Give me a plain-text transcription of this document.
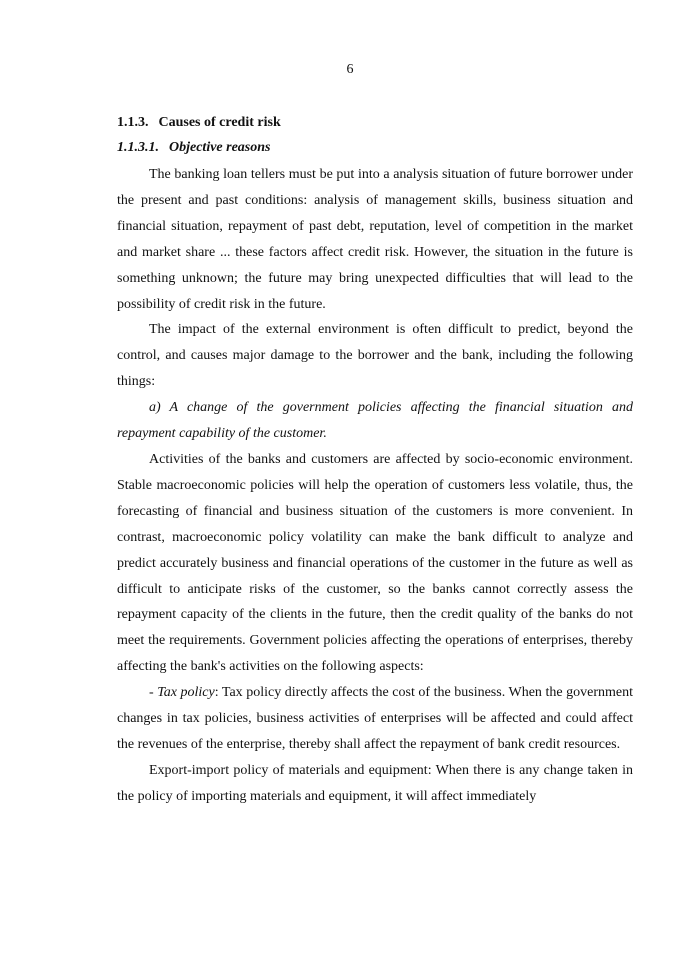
6
1.1.3. Causes of credit risk
1.1.3.1. Objective reasons

The banking loan tellers must be put into a analysis situation of future borrower under the present and past conditions: analysis of management skills, business situation and financial situation, repayment of past debt, reputation, level of competition in the market and market share ... these factors affect credit risk. However, the situation in the future is something unknown; the future may bring unexpected difficulties that will lead to the possibility of credit risk in the future.

The impact of the external environment is often difficult to predict, beyond the control, and causes major damage to the borrower and the bank, including the following things:

a) A change of the government policies affecting the financial situation and repayment capability of the customer.

Activities of the banks and customers are affected by socio-economic environment. Stable macroeconomic policies will help the operation of customers less volatile, thus, the forecasting of financial and business situation of the customers is more convenient. In contrast, macroeconomic policy volatility can make the bank difficult to analyze and predict accurately business and financial operations of the customer in the future as well as difficult to anticipate risks of the customer, so the banks cannot correctly assess the repayment capacity of the clients in the future, then the credit quality of the banks do not meet the requirements. Government policies affecting the operations of enterprises, thereby affecting the bank's activities on the following aspects:

- Tax policy: Tax policy directly affects the cost of the business. When the government changes in tax policies, business activities of enterprises will be affected and could affect the revenues of the enterprise, thereby shall affect the repayment of bank credit resources.

Export-import policy of materials and equipment: When there is any change taken in the policy of importing materials and equipment, it will affect immediately
